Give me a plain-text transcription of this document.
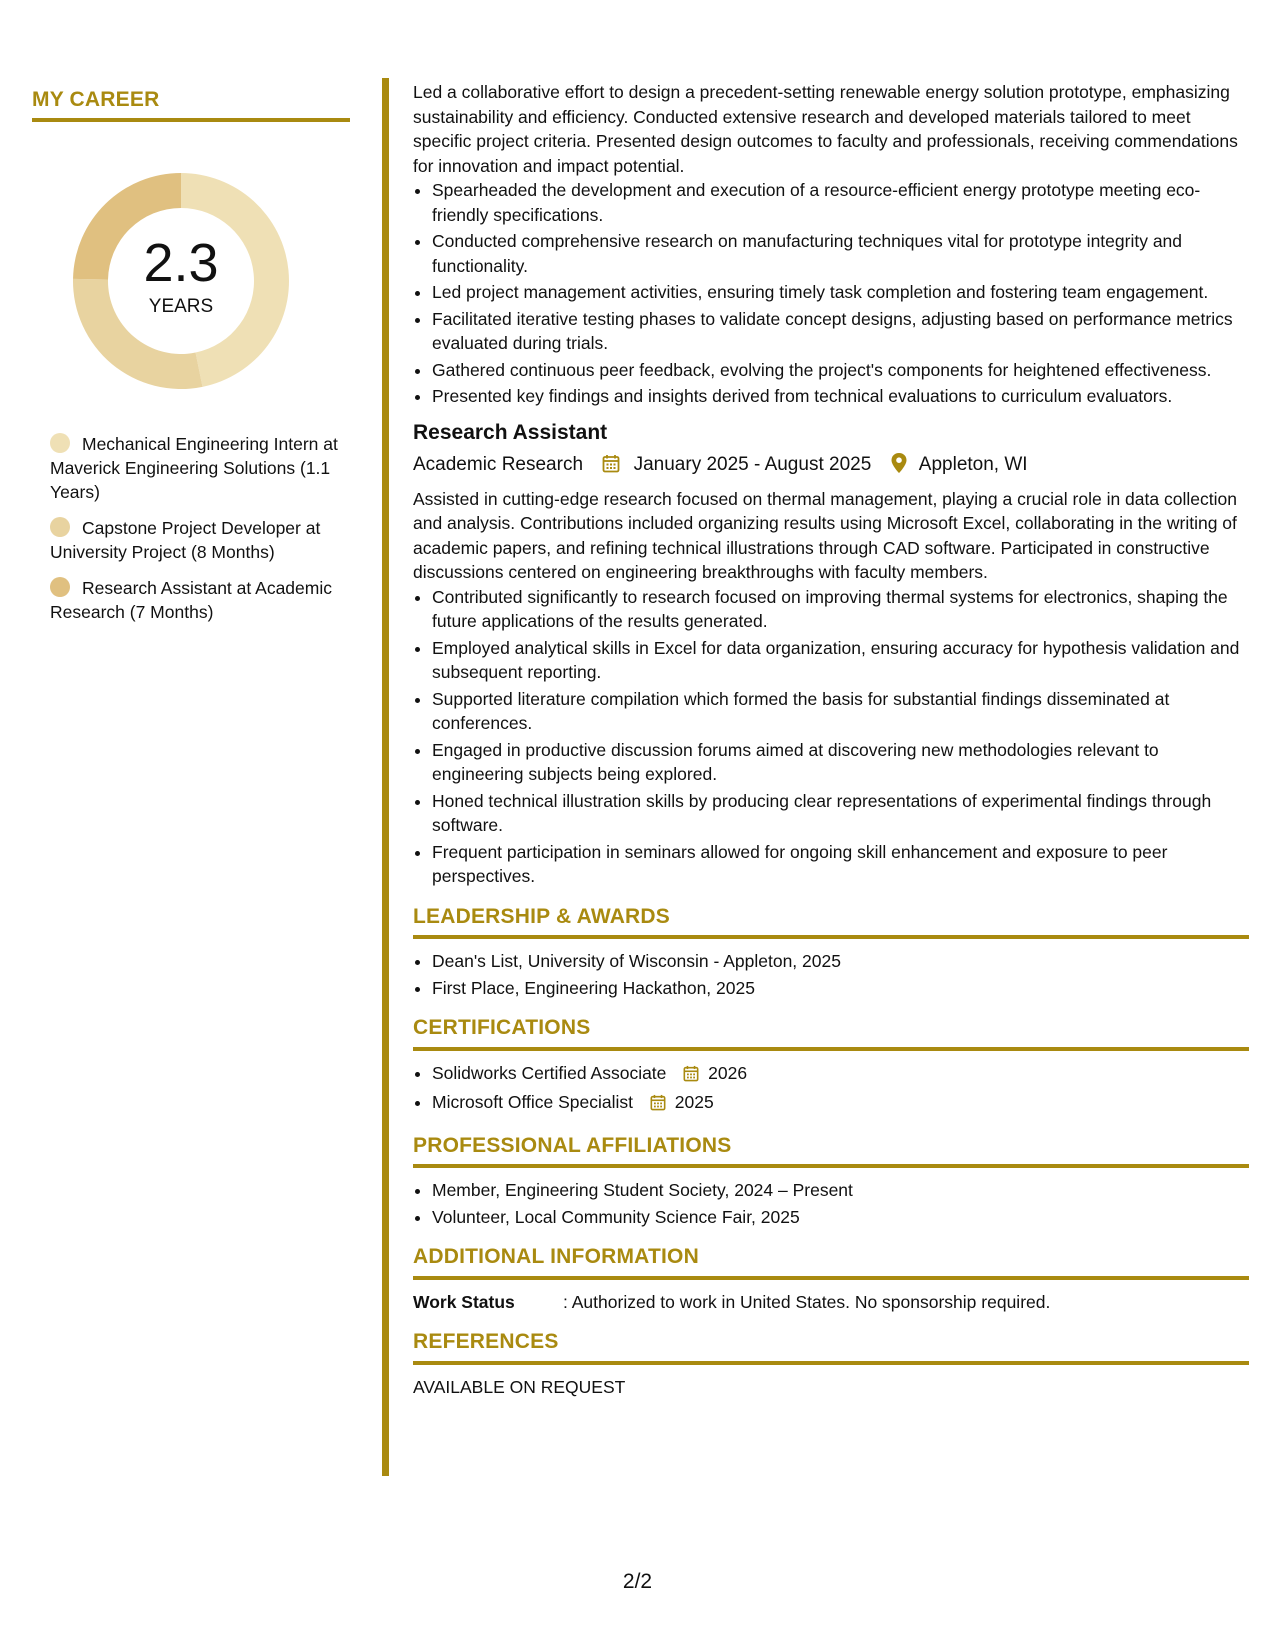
MY CAREER
2.3
YEARS
Mechanical Engineering Intern at Maverick Engineering Solutions (1.1 Years)
Capstone Project Developer at University Project (8 Months)
Research Assistant at Academic Research (7 Months)

Led a collaborative effort to design a precedent-setting renewable energy solution prototype, emphasizing sustainability and efficiency. Conducted extensive research and developed materials tailored to meet specific project criteria. Presented design outcomes to faculty and professionals, receiving commendations for innovation and impact potential.

• Spearheaded the development and execution of a resource-efficient energy prototype meeting eco-friendly specifications.
• Conducted comprehensive research on manufacturing techniques vital for prototype integrity and functionality.
• Led project management activities, ensuring timely task completion and fostering team engagement.
• Facilitated iterative testing phases to validate concept designs, adjusting based on performance metrics evaluated during trials.
• Gathered continuous peer feedback, evolving the project's components for heightened effectiveness.
• Presented key findings and insights derived from technical evaluations to curriculum evaluators.
Research Assistant
Academic Research	January 2025 - August 2025	Appleton, WI

Assisted in cutting-edge research focused on thermal management, playing a crucial role in data collection and analysis. Contributions included organizing results using Microsoft Excel, collaborating in the writing of academic papers, and refining technical illustrations through CAD software. Participated in constructive discussions centered on engineering breakthroughs with faculty members.

• Contributed significantly to research focused on improving thermal systems for electronics, shaping the future applications of the results generated.
• Employed analytical skills in Excel for data organization, ensuring accuracy for hypothesis validation and subsequent reporting.
• Supported literature compilation which formed the basis for substantial findings disseminated at conferences.
• Engaged in productive discussion forums aimed at discovering new methodologies relevant to engineering subjects being explored.
• Honed technical illustration skills by producing clear representations of experimental findings through software.
• Frequent participation in seminars allowed for ongoing skill enhancement and exposure to peer perspectives.
LEADERSHIP & AWARDS
• Dean's List, University of Wisconsin - Appleton, 2025
• First Place, Engineering Hackathon, 2025
CERTIFICATIONS
• Solidworks Certified Associate 2026
• Microsoft Office Specialist 2025
PROFESSIONAL AFFILIATIONS
• Member, Engineering Student Society, 2024 – Present
• Volunteer, Local Community Science Fair, 2025
ADDITIONAL INFORMATION
Work Status	: Authorized to work in United States. No sponsorship required.
REFERENCES
AVAILABLE ON REQUEST
2/2
